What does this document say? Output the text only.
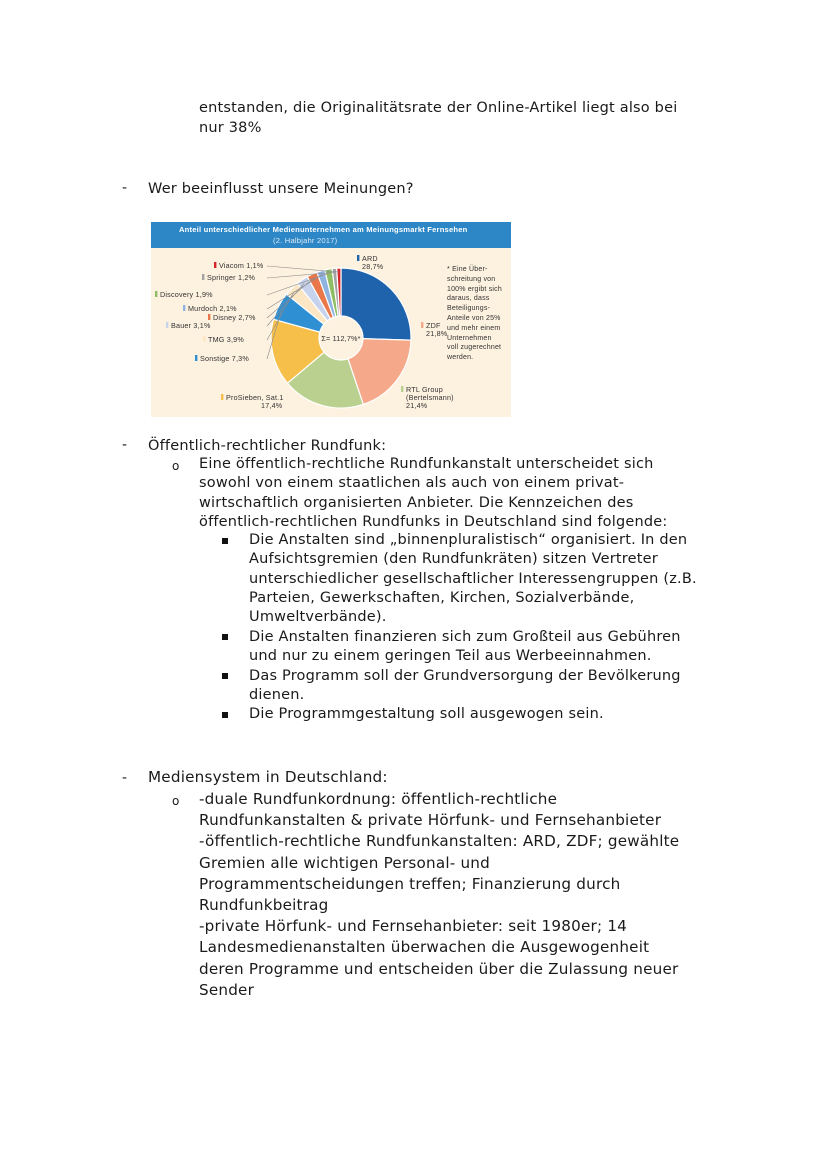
entstanden, die Originalitätsrate der Online-Artikel liegt also bei
nur 38%
- Wer beeinflusst unsere Meinungen?
Anteil unterschiedlicher Medienunternehmen am Meinungsmarkt Fernsehen
(2. Halbjahr 2017)
Σ= 112,7%*
ARD
28,7%
ZDF
21,8%
RTL Group
(Bertelsmann)
21,4%
ProSieben, Sat.1
17,4%
Sonstige 7,3%
TMG 3,9%
Bauer 3,1%
Disney 2,7%
Murdoch 2,1%
Discovery 1,9%
Springer 1,2%
Viacom 1,1%	* Eine Über-
schreitung von
100% ergibt sich
daraus, dass
Beteiligungs-
Anteile von 25%
und mehr einem
Unternehmen
voll zugerechnet
werden.
- Öffentlich-rechtlicher Rundfunk:
o Eine öffentlich-rechtliche Rundfunkanstalt unterscheidet sich
sowohl von einem staatlichen als auch von einem privat-
wirtschaftlich organisierten Anbieter. Die Kennzeichen des
öffentlich-rechtlichen Rundfunks in Deutschland sind folgende:
Die Anstalten sind „binnenpluralistisch“ organisiert. In den
Aufsichtsgremien (den Rundfunkräten) sitzen Vertreter
unterschiedlicher gesellschaftlicher Interessengruppen (z.B.
Parteien, Gewerkschaften, Kirchen, Sozialverbände,
Umweltverbände).
Die Anstalten finanzieren sich zum Großteil aus Gebühren
und nur zu einem geringen Teil aus Werbeeinnahmen.
Das Programm soll der Grundversorgung der Bevölkerung
dienen.
Die Programmgestaltung soll ausgewogen sein.
- Mediensystem in Deutschland:
o -duale Rundfunkordnung: öffentlich-rechtliche
Rundfunkanstalten & private Hörfunk- und Fernsehanbieter
-öffentlich-rechtliche Rundfunkanstalten: ARD, ZDF; gewählte
Gremien alle wichtigen Personal- und
Programmentscheidungen treffen; Finanzierung durch
Rundfunkbeitrag
-private Hörfunk- und Fernsehanbieter: seit 1980er; 14
Landesmedienanstalten überwachen die Ausgewogenheit
deren Programme und entscheiden über die Zulassung neuer
Sender
